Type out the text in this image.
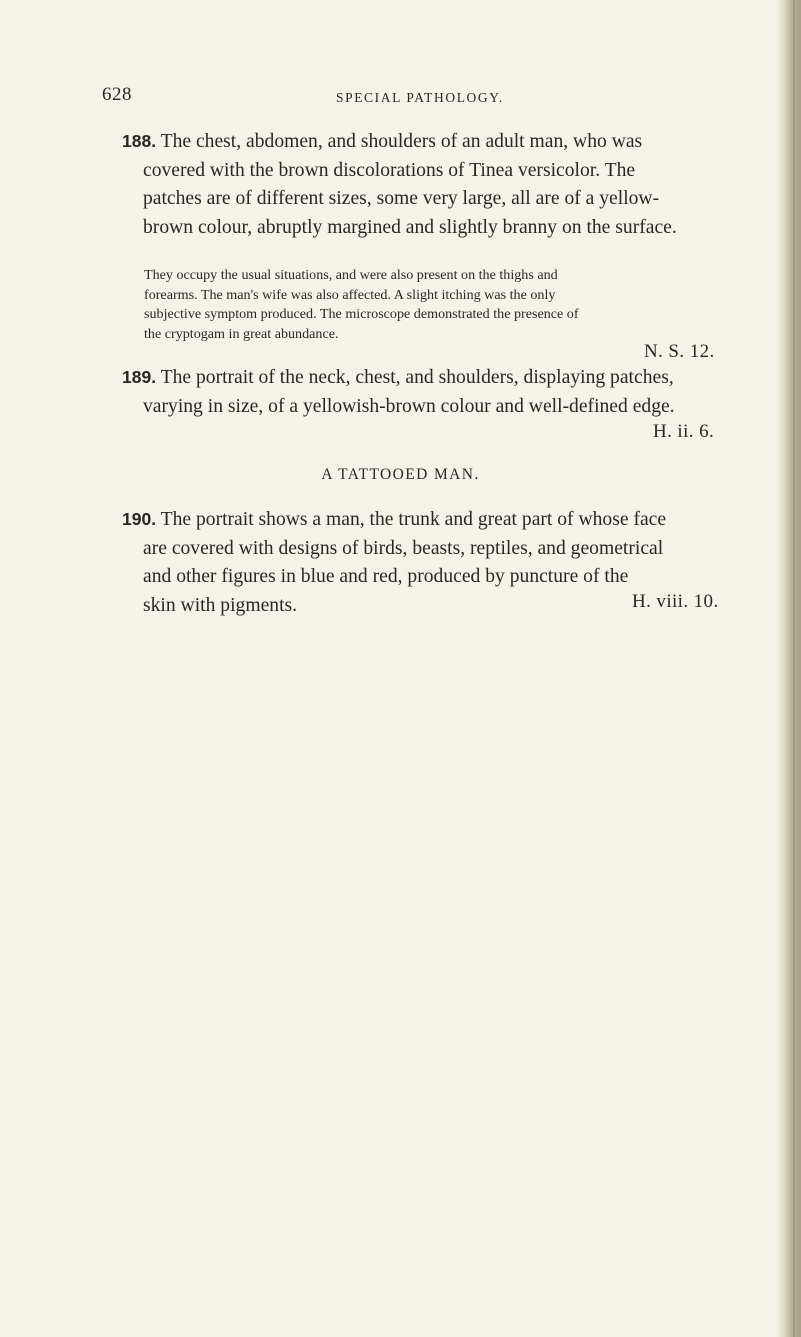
628	SPECIAL PATHOLOGY.
188. The chest, abdomen, and shoulders of an adult man, who was
covered with the brown discolorations of Tinea versicolor. The
patches are of different sizes, some very large, all are of a yellow-
brown colour, abruptly margined and slightly branny on the surface.
They occupy the usual situations, and were also present on the thighs and
forearms. The man's wife was also affected. A slight itching was the only
subjective symptom produced. The microscope demonstrated the presence of
the cryptogam in great abundance.
N. S. 12.
189. The portrait of the neck, chest, and shoulders, displaying patches,
varying in size, of a yellowish-brown colour and well-defined edge.
H. ii. 6.
A TATTOOED MAN.
190. The portrait shows a man, the trunk and great part of whose face
are covered with designs of birds, beasts, reptiles, and geometrical
and other figures in blue and red, produced by puncture of the
skin with pigments.	H. viii. 10.
